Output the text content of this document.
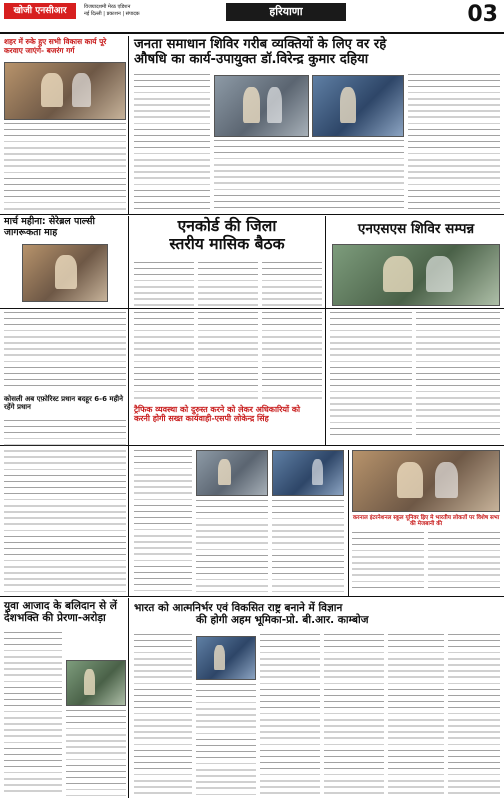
खोजी एनसीआर	विजयादशमी मेरठ एडिशन
नई दिल्ली | प्रकाशन | संपादक	हरियाणा	03
शहर में रुके हुए सभी विकास कार्य पूरे करवाए जाएंगे- बजरंग गर्ग	जनता समाधान शिविर गरीब व्यक्तियों के लिए वर रहे
औषधि का कार्य-उपायुक्त डॉ.विरेन्द्र कुमार दहिया
मार्च महीना: सेरेब्रल पाल्सी
जागरूकता माह	एनकोर्ड की जिला
स्तरीय मासिक बैठक
एनएसएस शिविर सम्पन्न
ट्रैफिक व्यवस्था को दुरुस्त करने को लेकर अधिकारियों को
करनी होगी सख्त कार्यवाही-एसपी लोकेन्द्र सिंह
कोसली अब एफ़ोरिस्ट प्रधान बदहूर 6-6 महीने रहेंगे प्रधान
करनाल इंटरनेशनल स्कूल यूनिवर ह्रिए मे भारतीय लोकतों पर विशेष सभा की मेजबानी की
युवा आजाद के बलिदान से लें
देशभक्ति की प्रेरणा-अरोड़ा
भारत को आत्मनिर्भर एवं विकसित राष्ट्र बनाने में विज्ञान
की होगी अहम भूमिका-प्रो. बी.आर. काम्बोज
